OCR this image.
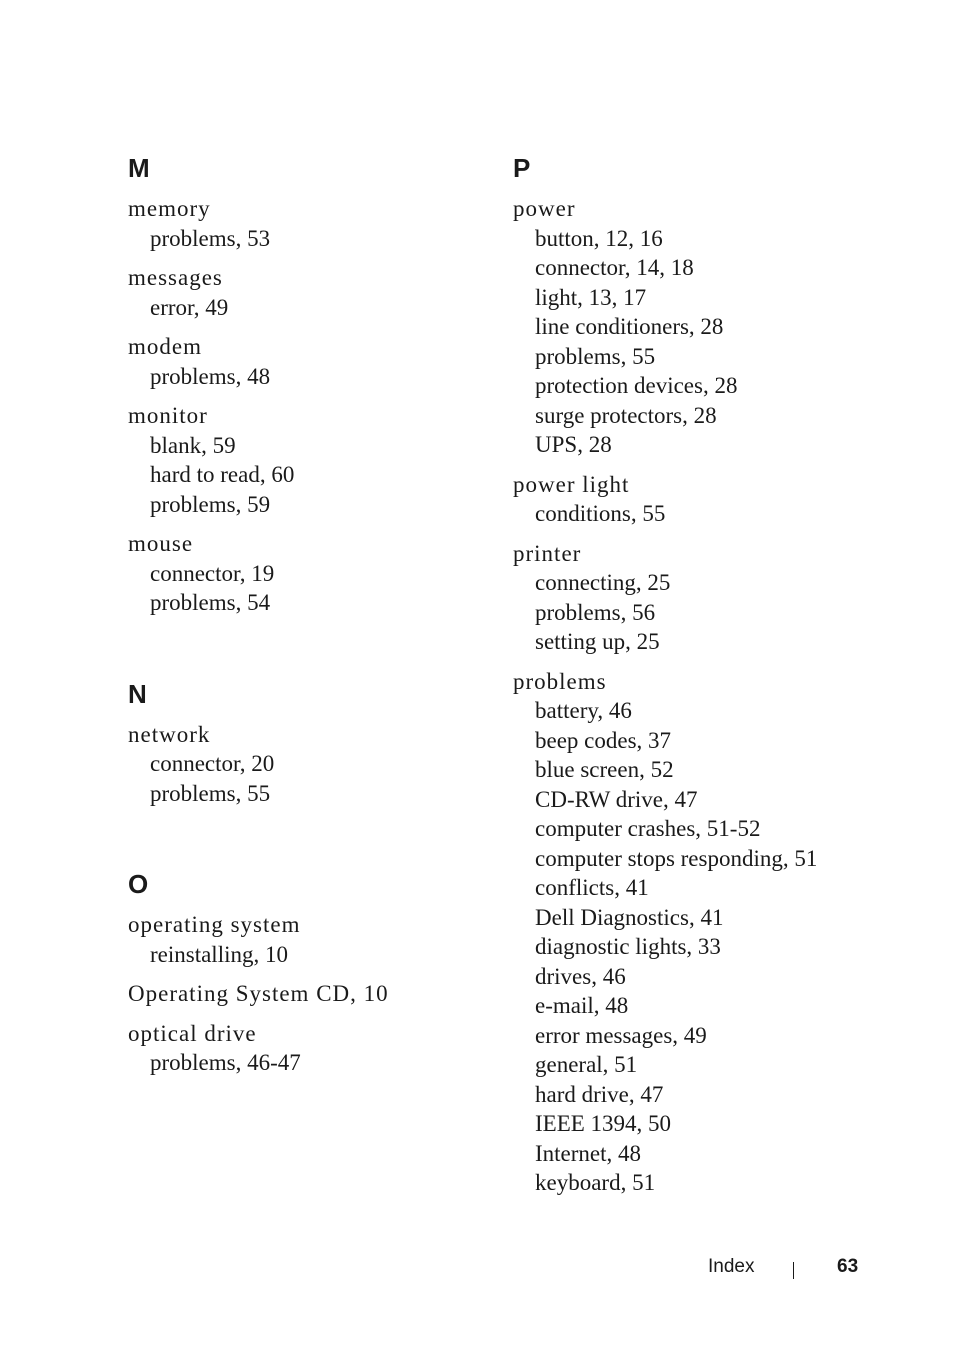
M
memory
problems, 53
messages
error, 49
modem
problems, 48
monitor
blank, 59
hard to read, 60
problems, 59
mouse
connector, 19
problems, 54
N
network
connector, 20
problems, 55
O
operating system
reinstalling, 10
Operating System CD, 10
optical drive
problems, 46-47
P
power
button, 12, 16
connector, 14, 18
light, 13, 17
line conditioners, 28
problems, 55
protection devices, 28
surge protectors, 28
UPS, 28
power light
conditions, 55
printer
connecting, 25
problems, 56
setting up, 25
problems
battery, 46
beep codes, 37
blue screen, 52
CD-RW drive, 47
computer crashes, 51-52
computer stops responding, 51
conflicts, 41
Dell Diagnostics, 41
diagnostic lights, 33
drives, 46
e-mail, 48
error messages, 49
general, 51
hard drive, 47
IEEE 1394, 50
Internet, 48
keyboard, 51
Index	63
